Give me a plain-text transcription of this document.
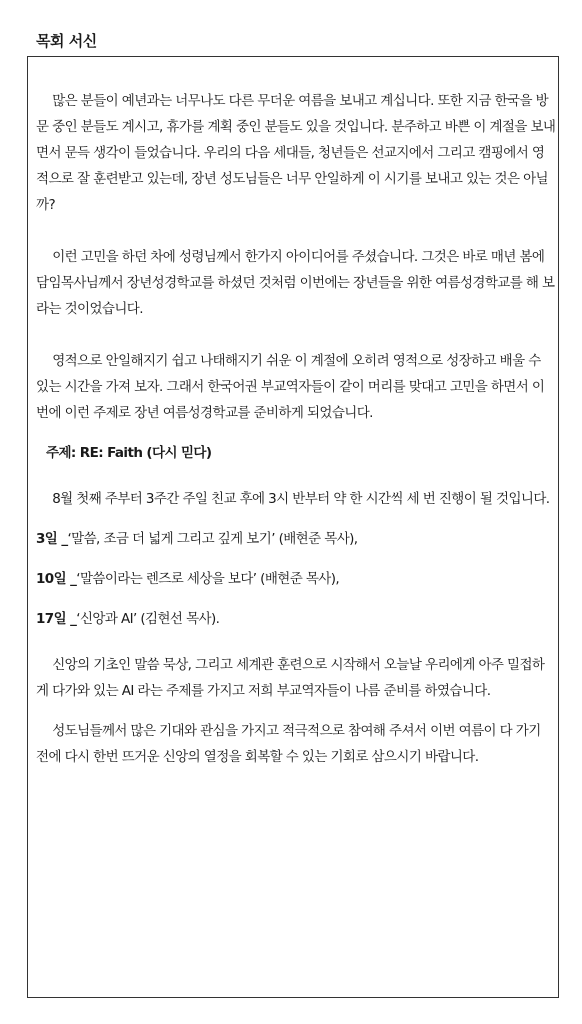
목회 서신

많은 분들이 예년과는 너무나도 다른 무더운 여름을 보내고 계십니다. 또한 지금 한국을 방문 중인 분들도 계시고, 휴가를 계획 중인 분들도 있을 것입니다. 분주하고 바쁜 이 계절을 보내면서 문득 생각이 들었습니다. 우리의 다음 세대들, 청년들은 선교지에서 그리고 캠핑에서 영적으로 잘 훈련받고 있는데, 장년 성도님들은 너무 안일하게 이 시기를 보내고 있는 것은 아닐까?

이런 고민을 하던 차에 성령님께서 한가지 아이디어를 주셨습니다. 그것은 바로 매년 봄에 담임목사님께서 장년성경학교를 하셨던 것처럼 이번에는 장년들을 위한 여름성경학교를 해 보라는 것이었습니다.

영적으로 안일해지기 쉽고 나태해지기 쉬운 이 계절에 오히려 영적으로 성장하고 배울 수 있는 시간을 가져 보자. 그래서 한국어권 부교역자들이 같이 머리를 맞대고 고민을 하면서 이번에 이런 주제로 장년 여름성경학교를 준비하게 되었습니다.

주제: RE: Faith (다시 믿다)

8월 첫째 주부터 3주간 주일 친교 후에 3시 반부터 약 한 시간씩 세 번 진행이 될 것입니다.

3일 _‘말씀, 조금 더 넓게 그리고 깊게 보기’ (배현준 목사),

10일 _‘말씀이라는 렌즈로 세상을 보다’ (배현준 목사),

17일 _‘신앙과 AI’ (김현선 목사).

신앙의 기초인 말씀 묵상, 그리고 세계관 훈련으로 시작해서 오늘날 우리에게 아주 밀접하게 다가와 있는 AI 라는 주제를 가지고 저희 부교역자들이 나름 준비를 하였습니다.

성도님들께서 많은 기대와 관심을 가지고 적극적으로 참여해 주셔서 이번 여름이 다 가기 전에 다시 한번 뜨거운 신앙의 열정을 회복할 수 있는 기회로 삼으시기 바랍니다.
